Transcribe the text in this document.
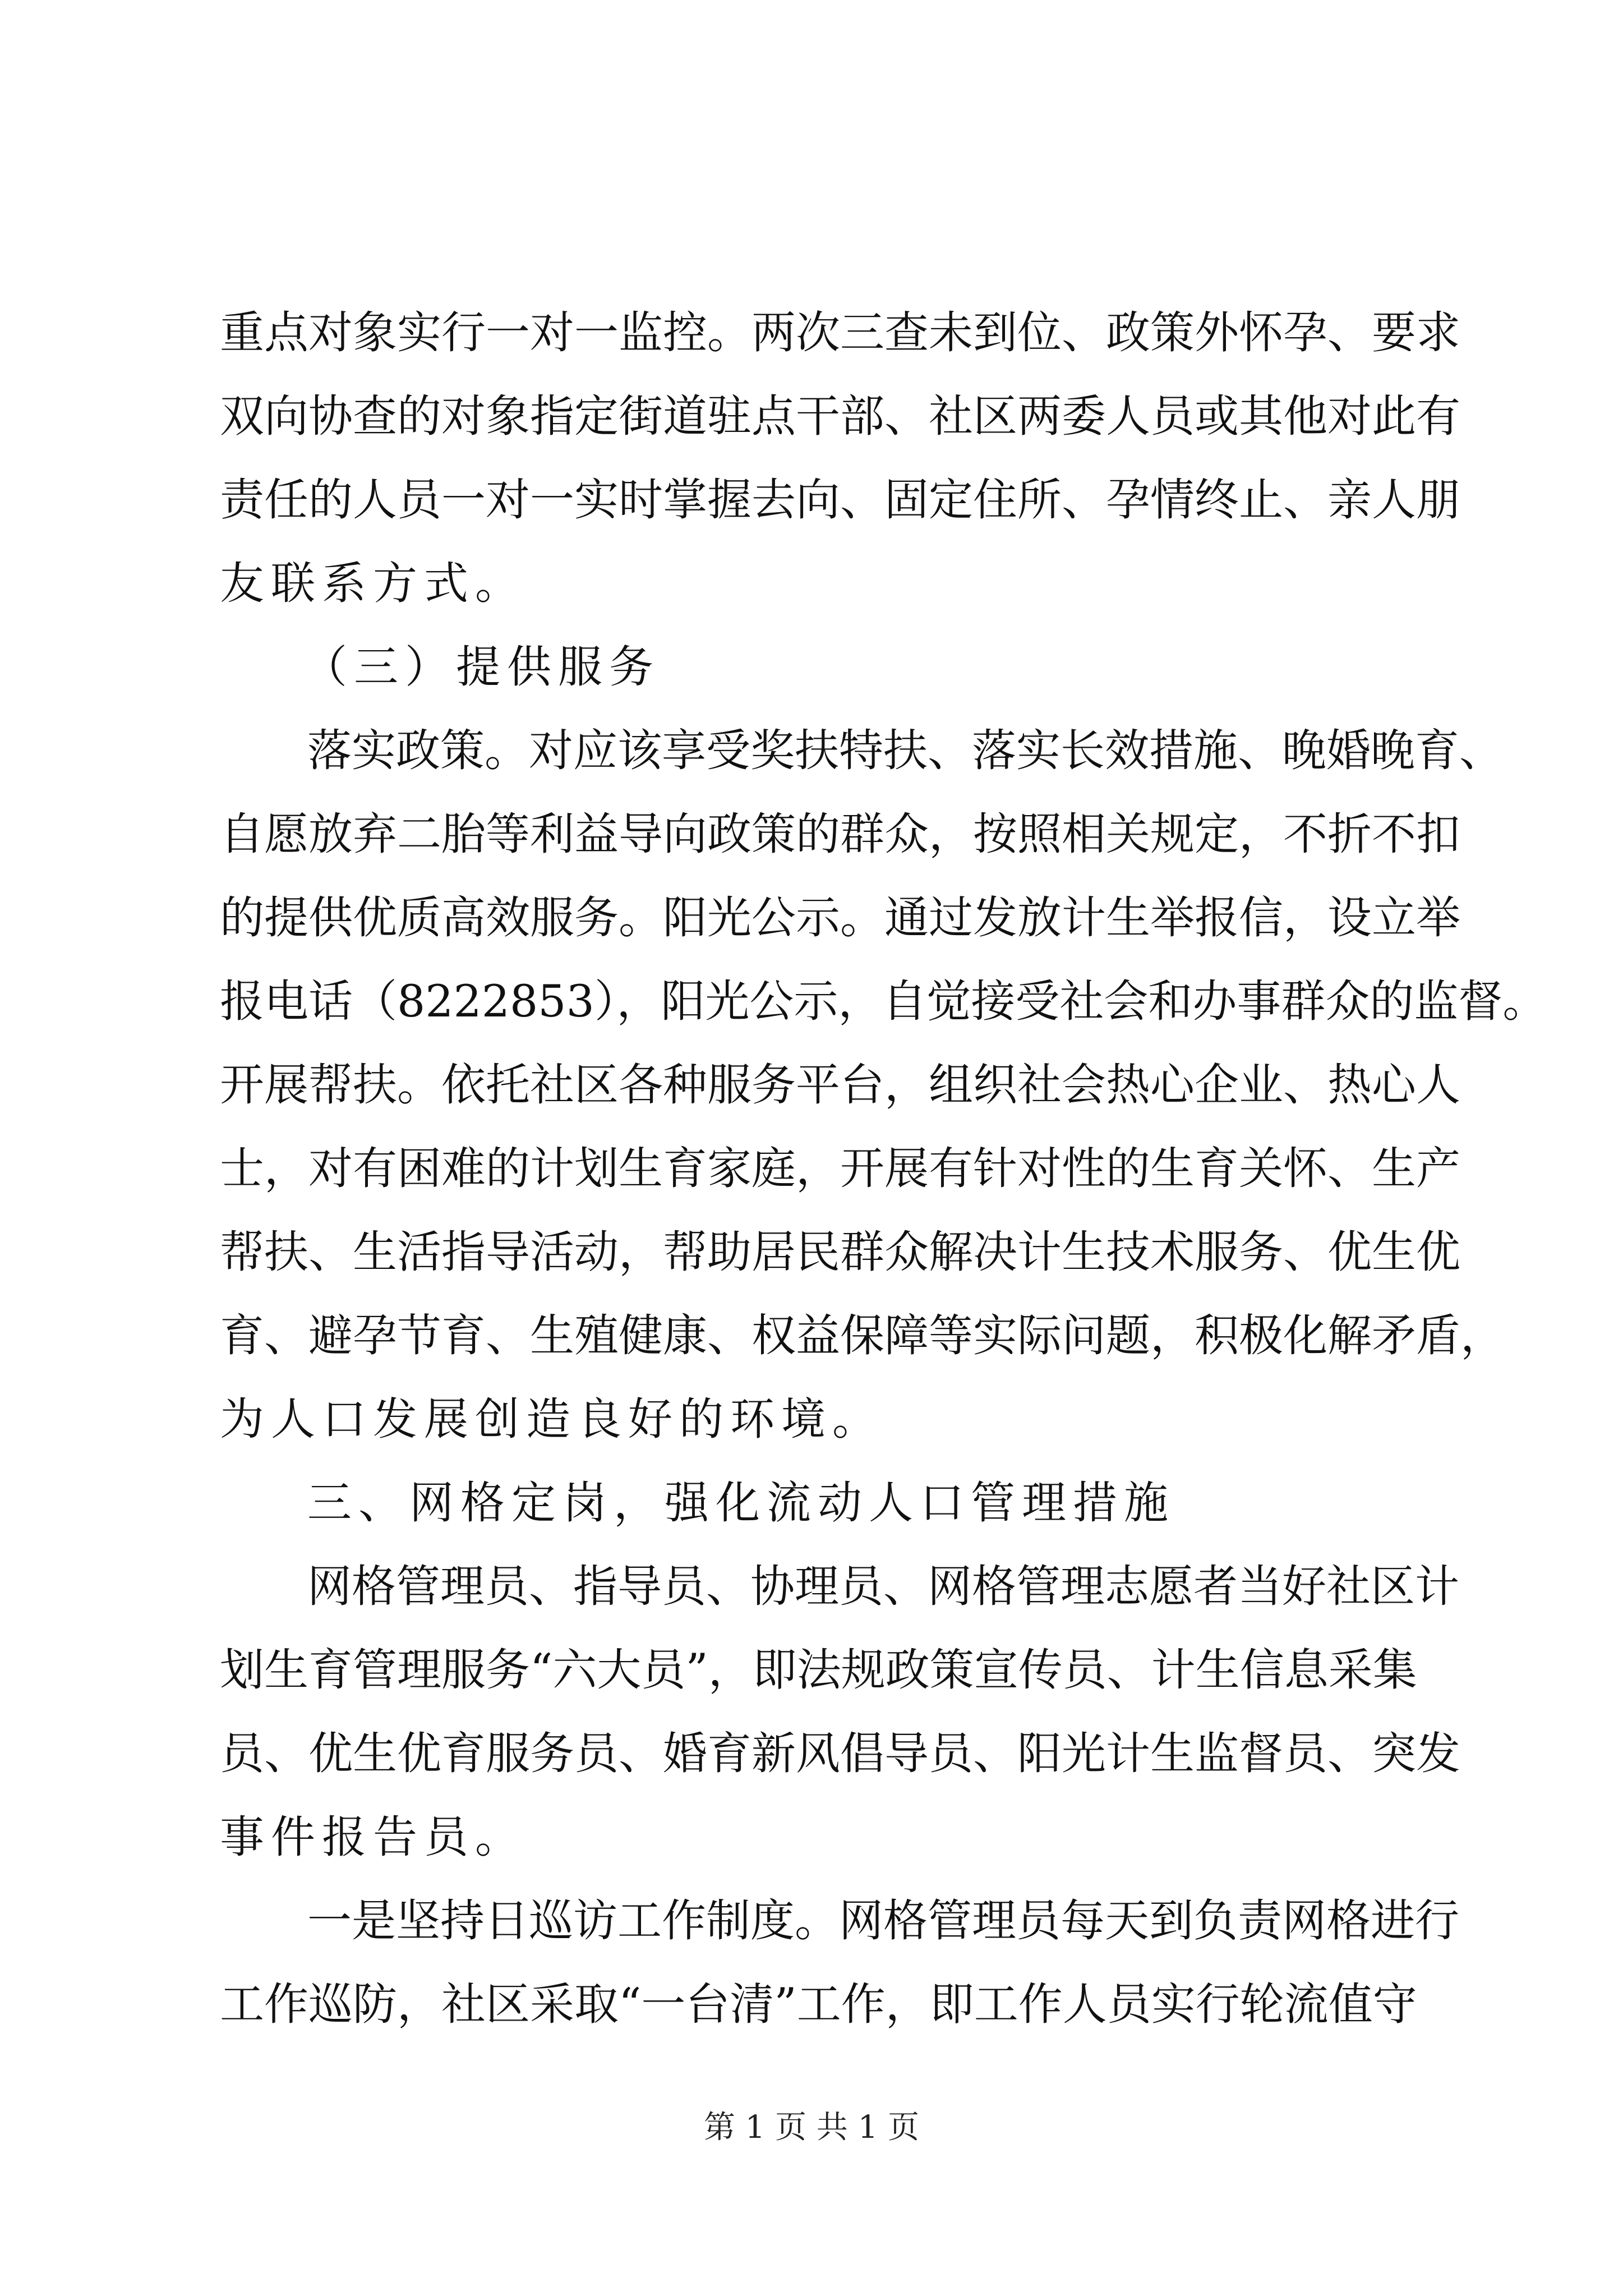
重点对象实行一对一监控。两次三查未到位、政策外怀孕、要求
双向协查的对象指定街道驻点干部、社区两委人员或其他对此有
责任的人员一对一实时掌握去向、固定住所、孕情终止、亲人朋
友联系方式。
（三）提供服务
落实政策。对应该享受奖扶特扶、落实长效措施、晚婚晚育、
自愿放弃二胎等利益导向政策的群众，按照相关规定，不折不扣
的提供优质高效服务。阳光公示。通过发放计生举报信，设立举
报电话（8222853），阳光公示，自觉接受社会和办事群众的监督。
开展帮扶。依托社区各种服务平台，组织社会热心企业、热心人
士，对有困难的计划生育家庭，开展有针对性的生育关怀、生产
帮扶、生活指导活动，帮助居民群众解决计生技术服务、优生优
育、避孕节育、生殖健康、权益保障等实际问题，积极化解矛盾，
为人口发展创造良好的环境。
三、网格定岗，强化流动人口管理措施
网格管理员、指导员、协理员、网格管理志愿者当好社区计
划生育管理服务“六大员”，即法规政策宣传员、计生信息采集
员、优生优育服务员、婚育新风倡导员、阳光计生监督员、突发
事件报告员。
一是坚持日巡访工作制度。网格管理员每天到负责网格进行
工作巡防，社区采取“一台清”工作，即工作人员实行轮流值守
第 1 页 共 1 页
